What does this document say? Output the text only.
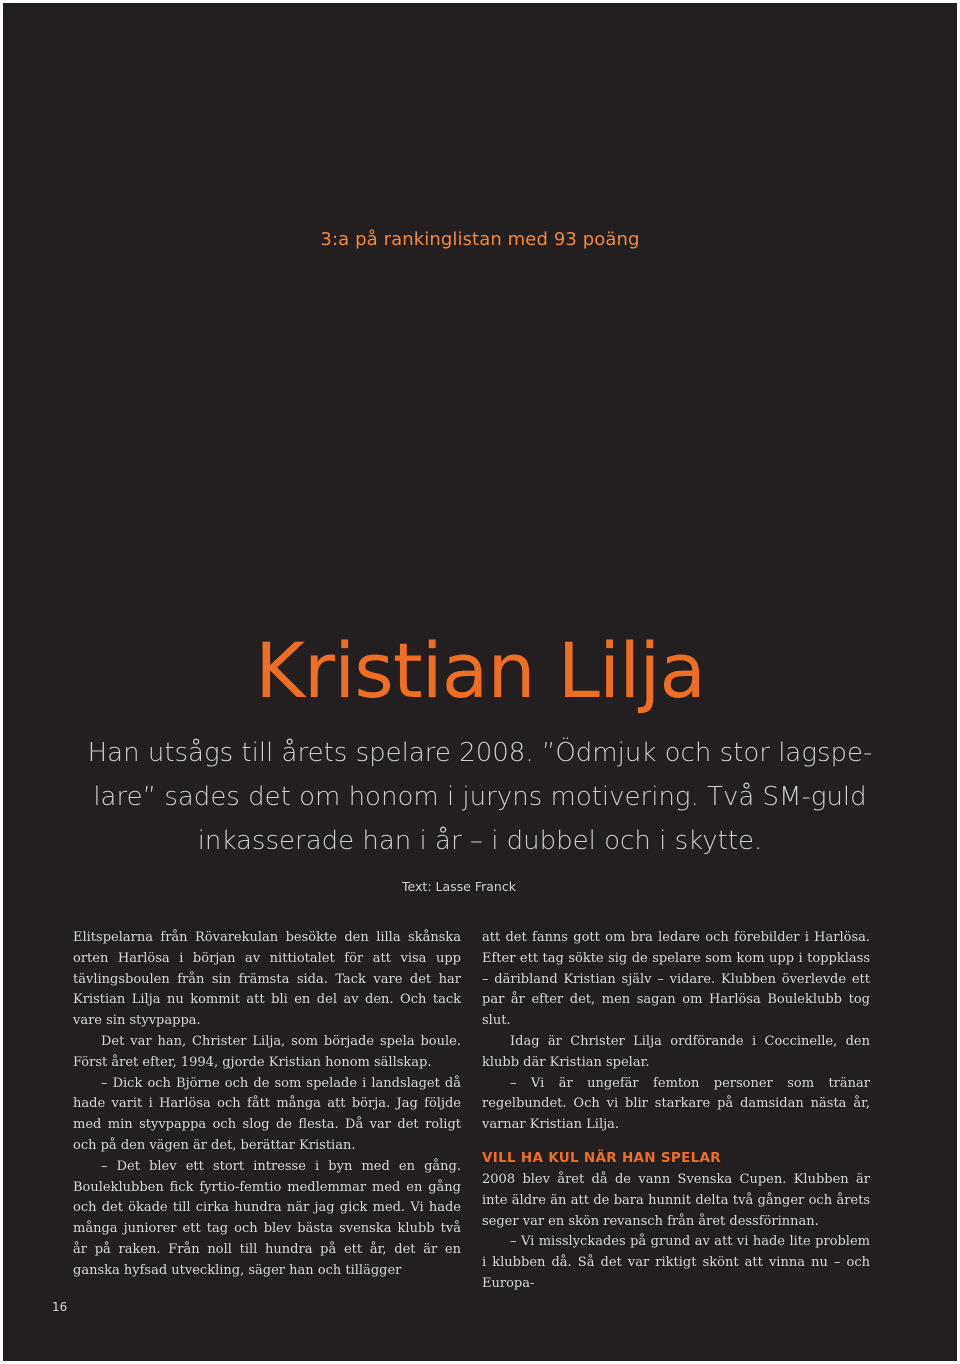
3:a på rankinglistan med 93 poäng
Kristian Lilja
Han utsågs till årets spelare 2008. ”Ödmjuk och stor lagspe-
lare” sades det om honom i juryns motivering. Två SM-guld
inkasserade han i år – i dubbel och i skytte.
Text: Lasse Franck

Elitspelarna från Rövarekulan besökte den lilla skånska orten Harlösa i början av nittiotalet för att visa upp tävlingsboulen från sin främsta sida. Tack vare det har Kristian Lilja nu kommit att bli en del av den. Och tack vare sin styvpappa.

Det var han, Christer Lilja, som började spela boule. Först året efter, 1994, gjorde Kristian honom sällskap.

– Dick och Björne och de som spelade i landslaget då hade varit i Harlösa och fått många att börja. Jag följde med min styvpappa och slog de flesta. Då var det roligt och på den vägen är det, berättar Kristian.

– Det blev ett stort intresse i byn med en gång. Bouleklubben fick fyrtio-femtio medlemmar med en gång och det ökade till cirka hundra när jag gick med. Vi hade många juniorer ett tag och blev bästa svenska klubb två år på raken. Från noll till hundra på ett år, det är en ganska hyfsad utveckling, säger han och tillägger

att det fanns gott om bra ledare och förebilder i Harlösa. Efter ett tag sökte sig de spelare som kom upp i toppklass – däribland Kristian själv – vidare. Klubben överlevde ett par år efter det, men sagan om Harlösa Bouleklubb tog slut.

Idag är Christer Lilja ordförande i Coccinelle, den klubb där Kristian spelar.

– Vi är ungefär femton personer som tränar regelbundet. Och vi blir starkare på damsidan nästa år, varnar Kristian Lilja.

VILL HA KUL NÄR HAN SPELAR

2008 blev året då de vann Svenska Cupen. Klubben är inte äldre än att de bara hunnit delta två gånger och årets seger var en skön revansch från året dessförinnan.

– Vi misslyckades på grund av att vi hade lite problem i klubben då. Så det var riktigt skönt att vinna nu – och Europa-

16
